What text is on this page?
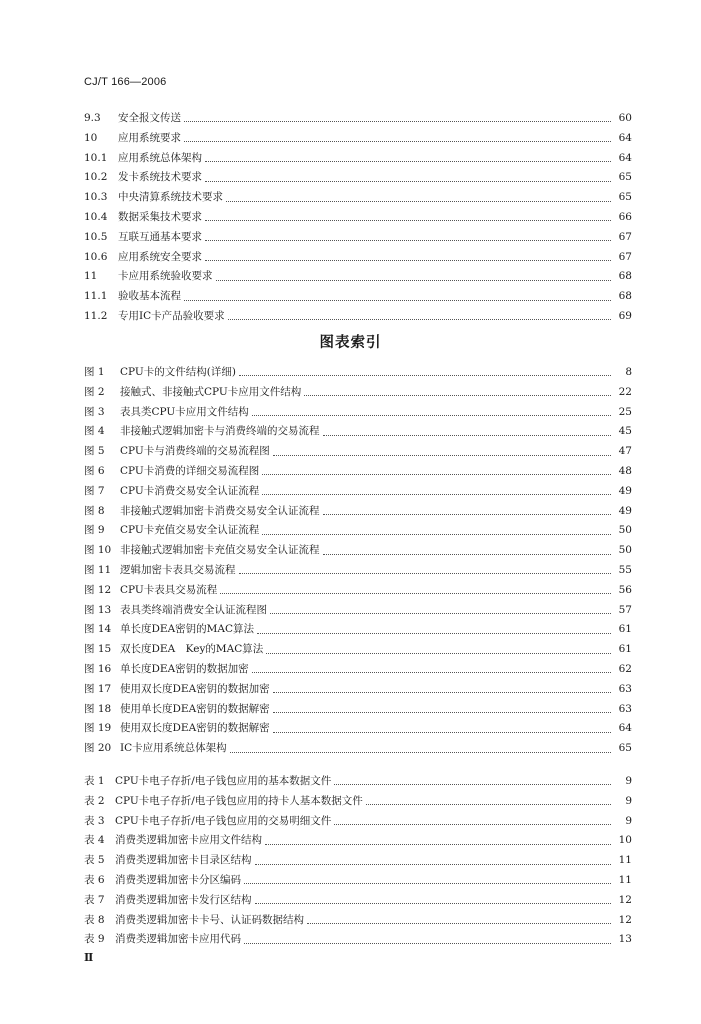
CJ/T 166—2006
9.3	安全报文传送	60
10	应用系统要求	64
10.1	应用系统总体架构	64
10.2	发卡系统技术要求	65
10.3	中央清算系统技术要求	65
10.4	数据采集技术要求	66
10.5	互联互通基本要求	67
10.6	应用系统安全要求	67
11	卡应用系统验收要求	68
11.1	验收基本流程	68
11.2	专用IC卡产品验收要求	69
图表索引
图 1	CPU卡的文件结构(详细)	8
图 2	接触式、非接触式CPU卡应用文件结构	22
图 3	表具类CPU卡应用文件结构	25
图 4	非接触式逻辑加密卡与消费终端的交易流程	45
图 5	CPU卡与消费终端的交易流程图	47
图 6	CPU卡消费的详细交易流程图	48
图 7	CPU卡消费交易安全认证流程	49
图 8	非接触式逻辑加密卡消费交易安全认证流程	49
图 9	CPU卡充值交易安全认证流程	50
图 10 非接触式逻辑加密卡充值交易安全认证流程	50
图 11 逻辑加密卡表具交易流程	55
图 12 CPU卡表具交易流程	56
图 13 表具类终端消费安全认证流程图	57
图 14 单长度DEA密钥的MAC算法	61
图 15 双长度DEA　Key的MAC算法	61
图 16 单长度DEA密钥的数据加密	62
图 17 使用双长度DEA密钥的数据加密	63
图 18 使用单长度DEA密钥的数据解密	63
图 19 使用双长度DEA密钥的数据解密	64
图 20 IC卡应用系统总体架构	65
表 1 CPU卡电子存折/电子钱包应用的基本数据文件	9
表 2 CPU卡电子存折/电子钱包应用的持卡人基本数据文件	9
表 3 CPU卡电子存折/电子钱包应用的交易明细文件	9
表 4 消费类逻辑加密卡应用文件结构	10
表 5 消费类逻辑加密卡目录区结构	11
表 6 消费类逻辑加密卡分区编码	11
表 7 消费类逻辑加密卡发行区结构	12
表 8 消费类逻辑加密卡卡号、认证码数据结构	12
表 9 消费类逻辑加密卡应用代码	13
Ⅱ
